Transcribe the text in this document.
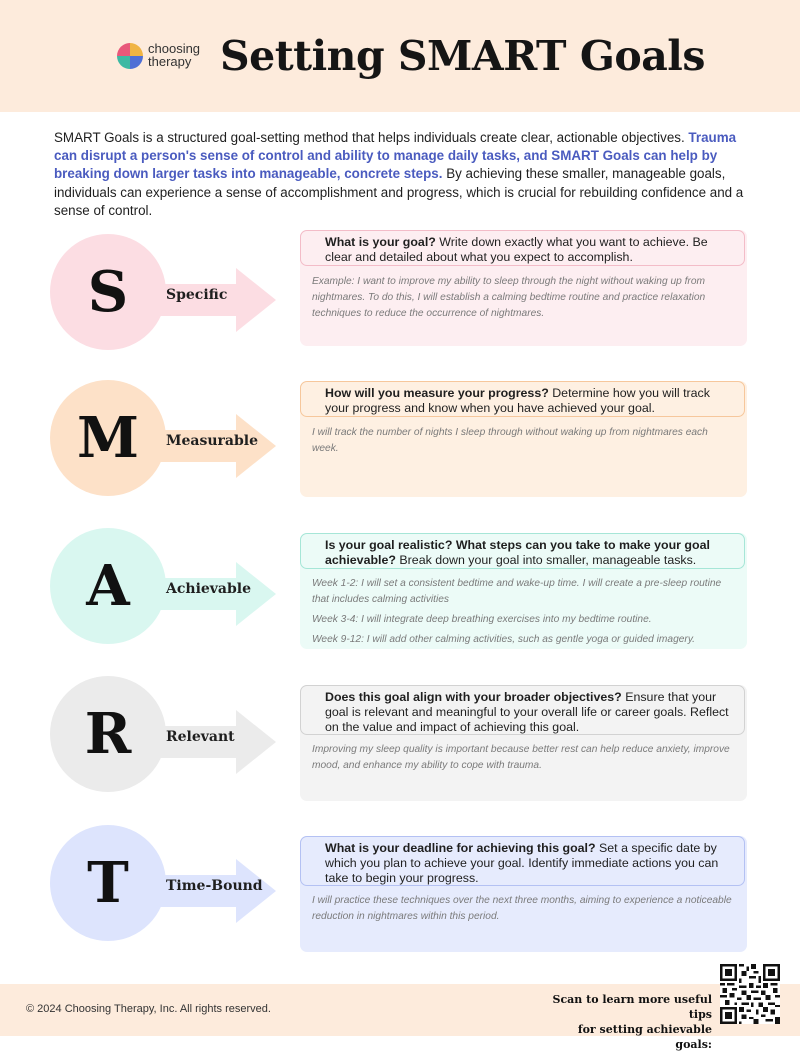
choosing
therapy Setting SMART Goals
SMART Goals is a structured goal-setting method that helps individuals create clear, actionable objectives. Trauma can disrupt a person's sense of control and ability to manage daily tasks, and SMART Goals can help by breaking down larger tasks into manageable, concrete steps. By achieving these smaller, manageable goals, individuals can experience a sense of accomplishment and progress, which is crucial for rebuilding confidence and a sense of control.
S	Specific
What is your goal? Write down exactly what you want to achieve. Be clear and detailed about what you expect to accomplish.

Example: I want to improve my ability to sleep through the night without waking up from nightmares. To do this, I will establish a calming bedtime routine and practice relaxation techniques to reduce the occurrence of nightmares.

M	Measurable
How will you measure your progress? Determine how you will track your progress and know when you have achieved your goal.

I will track the number of nights I sleep through without waking up from nightmares each week.

A	Achievable
Is your goal realistic? What steps can you take to make your goal achievable? Break down your goal into smaller, manageable tasks.

Week 1-2: I will set a consistent bedtime and wake-up time. I will create a pre-sleep routine that includes calming activities

Week 3-4: I will integrate deep breathing exercises into my bedtime routine.

Week 9-12: I will add other calming activities, such as gentle yoga or guided imagery.

R	Relevant
Does this goal align with your broader objectives? Ensure that your goal is relevant and meaningful to your overall life or career goals. Reflect on the value and impact of achieving this goal.

Improving my sleep quality is important because better rest can help reduce anxiety, improve mood, and enhance my ability to cope with trauma.

T	Time-Bound
What is your deadline for achieving this goal? Set a specific date by which you plan to achieve your goal. Identify immediate actions you can take to begin your progress.

I will practice these techniques over the next three months, aiming to experience a noticeable reduction in nightmares within this period.

© 2024 Choosing Therapy, Inc. All rights reserved.
Scan to learn more useful tips
for setting achievable goals:
